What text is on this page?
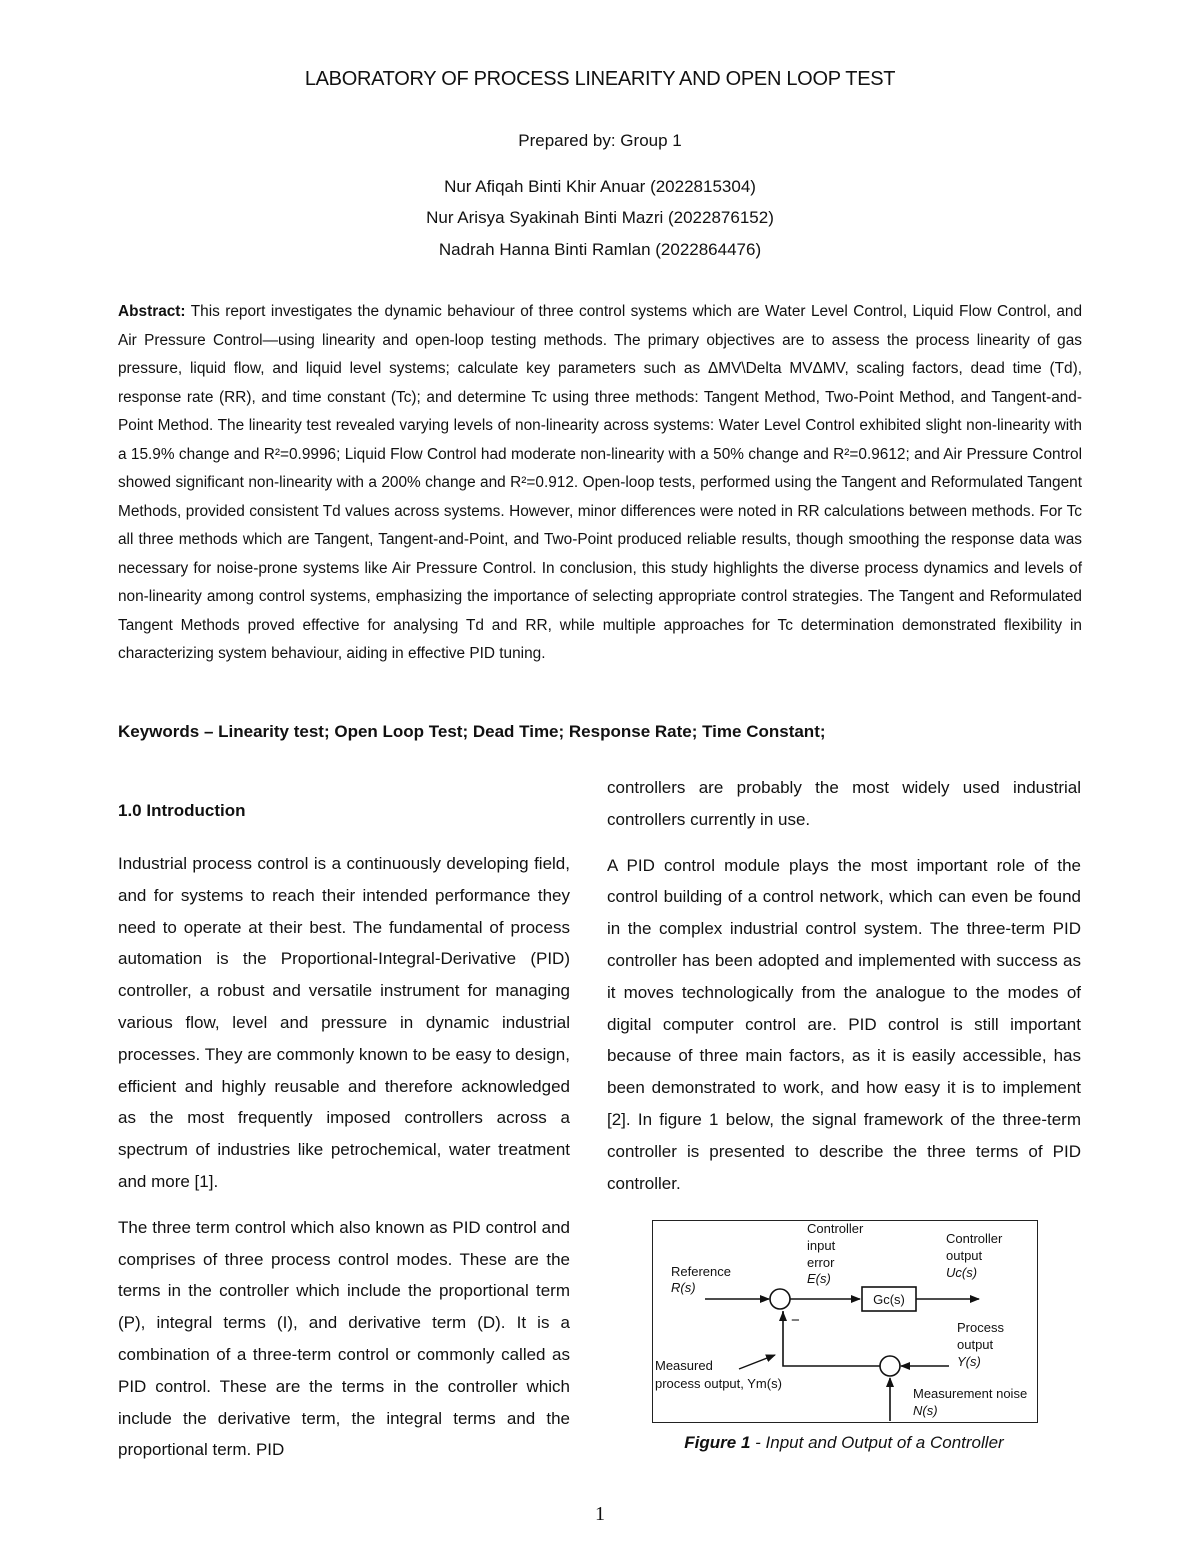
LABORATORY OF PROCESS LINEARITY AND OPEN LOOP TEST

Prepared by: Group 1

Nur Afiqah Binti Khir Anuar (2022815304)

Nur Arisya Syakinah Binti Mazri (2022876152)

Nadrah Hanna Binti Ramlan (2022864476)

Abstract: This report investigates the dynamic behaviour of three control systems which are Water Level Control, Liquid Flow Control, and Air Pressure Control—using linearity and open-loop testing methods. The primary objectives are to assess the process linearity of gas pressure, liquid flow, and liquid level systems; calculate key parameters such as ΔMV\Delta MVΔMV, scaling factors, dead time (Td), response rate (RR), and time constant (Tc); and determine Tc using three methods: Tangent Method, Two-Point Method, and Tangent-and-Point Method. The linearity test revealed varying levels of non-linearity across systems: Water Level Control exhibited slight non-linearity with a 15.9% change and R²=0.9996; Liquid Flow Control had moderate non-linearity with a 50% change and R²=0.9612; and Air Pressure Control showed significant non-linearity with a 200% change and R²=0.912. Open-loop tests, performed using the Tangent and Reformulated Tangent Methods, provided consistent Td values across systems. However, minor differences were noted in RR calculations between methods. For Tc all three methods which are Tangent, Tangent-and-Point, and Two-Point produced reliable results, though smoothing the response data was necessary for noise-prone systems like Air Pressure Control. In conclusion, this study highlights the diverse process dynamics and levels of non-linearity among control systems, emphasizing the importance of selecting appropriate control strategies. The Tangent and Reformulated Tangent Methods proved effective for analysing Td and RR, while multiple approaches for Tc determination demonstrated flexibility in characterizing system behaviour, aiding in effective PID tuning.

Keywords – Linearity test; Open Loop Test; Dead Time; Response Rate; Time Constant;

1.0 Introduction

Industrial process control is a continuously developing field, and for systems to reach their intended performance they need to operate at their best. The fundamental of process automation is the Proportional-Integral-Derivative (PID) controller, a robust and versatile instrument for managing various flow, level and pressure in dynamic industrial processes. They are commonly known to be easy to design, efficient and highly reusable and therefore acknowledged as the most frequently imposed controllers across a spectrum of industries like petrochemical, water treatment and more [1].

The three term control which also known as PID control and comprises of three process control modes. These are the terms in the controller which include the proportional term (P), integral terms (I), and derivative term (D). It is a combination of a three-term control or commonly called as PID control. These are the terms in the controller which include the derivative term, the integral terms and the proportional term. PID

controllers are probably the most widely used industrial controllers currently in use.

A PID control module plays the most important role of the control building of a control network, which can even be found in the complex industrial control system. The three-term PID controller has been adopted and implemented with success as it moves technologically from the analogue to the modes of digital computer control are. PID control is still important because of three main factors, as it is easily accessible, has been demonstrated to work, and how easy it is to implement [2]. In figure 1 below, the signal framework of the three-term controller is presented to describe the three terms of PID controller.

−
Gc(s)
Controller
input
error
E(s)
Controller
output
Uc(s)
Reference
R(s)
Process
output
Y(s)
Measured
process output, Ym(s)
Measurement noise
N(s)

Figure 1 - Input and Output of a Controller

1
